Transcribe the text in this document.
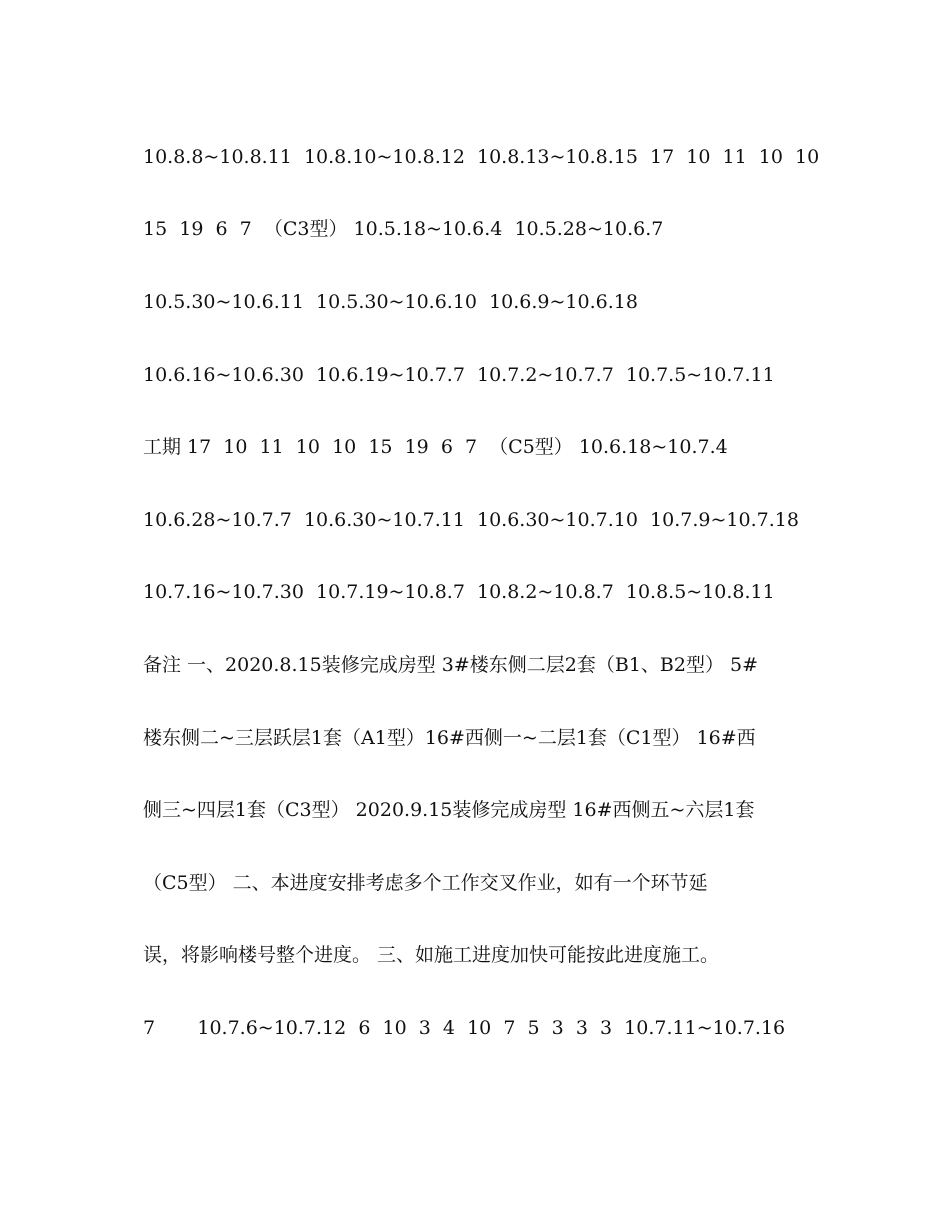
10.8.8~10.8.11  10.8.10~10.8.12  10.8.13~10.8.15  17  10  11  10  10
15  19  6  7  （C3型） 10.5.18~10.6.4  10.5.28~10.6.7
10.5.30~10.6.11  10.5.30~10.6.10  10.6.9~10.6.18
10.6.16~10.6.30  10.6.19~10.7.7  10.7.2~10.7.7  10.7.5~10.7.11
工期 17  10  11  10  10  15  19  6  7  （C5型） 10.6.18~10.7.4
10.6.28~10.7.7  10.6.30~10.7.11  10.6.30~10.7.10  10.7.9~10.7.18
10.7.16~10.7.30  10.7.19~10.8.7  10.8.2~10.8.7  10.8.5~10.8.11
备注 一、2020.8.15装修完成房型 3#楼东侧二层2套（B1、B2型） 5#
楼东侧二~三层跃层1套（A1型）16#西侧一~二层1套（C1型） 16#西
侧三~四层1套（C3型） 2020.9.15装修完成房型 16#西侧五~六层1套
（C5型） 二、本进度安排考虑多个工作交叉作业，如有一个环节延
误，将影响楼号整个进度。 三、如施工进度加快可能按此进度施工。
7       10.7.6~10.7.12  6  10  3  4  10  7  5  3  3  3  10.7.11~10.7.16
